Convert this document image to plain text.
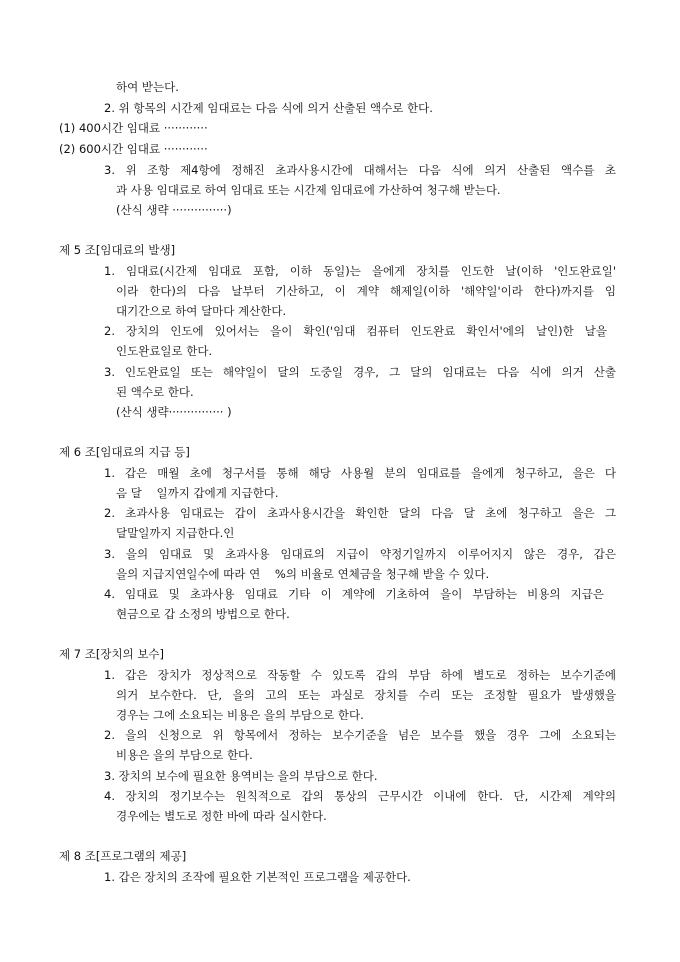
하여 받는다.
2. 위 항목의 시간제 임대료는 다음 식에 의거 산출된 액수로 한다.
(1) 400시간 임대료 ············
(2) 600시간 임대료 ············
3. 위 조항 제4항에 정해진 초과사용시간에 대해서는 다음 식에 의거 산출된 액수를 초
과 사용 임대료로 하여 임대료 또는 시간제 임대료에 가산하여 청구해 받는다.
(산식 생략 ···············)
제 5 조[임대료의 발생]
1. 임대료(시간제 임대료 포함, 이하 동일)는 을에게 장치를 인도한 날(이하 '인도완료일'
이라 한다)의 다음 날부터 기산하고, 이 계약 해제일(이하 '해약일'이라 한다)까지를 임
대기간으로 하여 달마다 계산한다.
2. 장치의 인도에 있어서는 을이 확인('임대 컴퓨터 인도완료 확인서'에의 날인)한 날을
인도완료일로 한다.
3. 인도완료일 또는 해약일이 달의 도중일 경우, 그 달의 임대료는 다음 식에 의거 산출
된 액수로 한다.
(산식 생략··············· )
제 6 조[임대료의 지급 등]
1. 갑은 매월 초에 청구서를 통해 해당 사용월 분의 임대료를 을에게 청구하고, 을은 다
음 달    일까지 갑에게 지급한다.
2. 초과사용 임대료는 갑이 초과사용시간을 확인한 달의 다음 달 초에 청구하고 을은 그
달말일까지 지급한다.인
3. 을의 임대료 및 초과사용 임대료의 지급이 약정기일까지 이루어지지 않은 경우, 갑은
을의 지급지연일수에 따라 연    %의 비율로 연체금을 청구해 받을 수 있다.
4. 임대료 및 초과사용 임대료 기타 이 계약에 기초하여 을이 부담하는 비용의 지급은
현금으로 갑 소정의 방법으로 한다.
제 7 조[장치의 보수]
1. 갑은 장치가 정상적으로 작동할 수 있도록 갑의 부담 하에 별도로 정하는 보수기준에
의거 보수한다. 단, 을의 고의 또는 과실로 장치를 수리 또는 조정할 필요가 발생했을
경우는 그에 소요되는 비용은 을의 부담으로 한다.
2. 을의 신청으로 위 항목에서 정하는 보수기준을 넘은 보수를 했을 경우 그에 소요되는
비용은 을의 부담으로 한다.
3. 장치의 보수에 필요한 용역비는 을의 부담으로 한다.
4. 장치의 정기보수는 원칙적으로 갑의 통상의 근무시간 이내에 한다. 단, 시간제 계약의
경우에는 별도로 정한 바에 따라 실시한다.
제 8 조[프로그램의 제공]
1. 갑은 장치의 조작에 필요한 기본적인 프로그램을 제공한다.
